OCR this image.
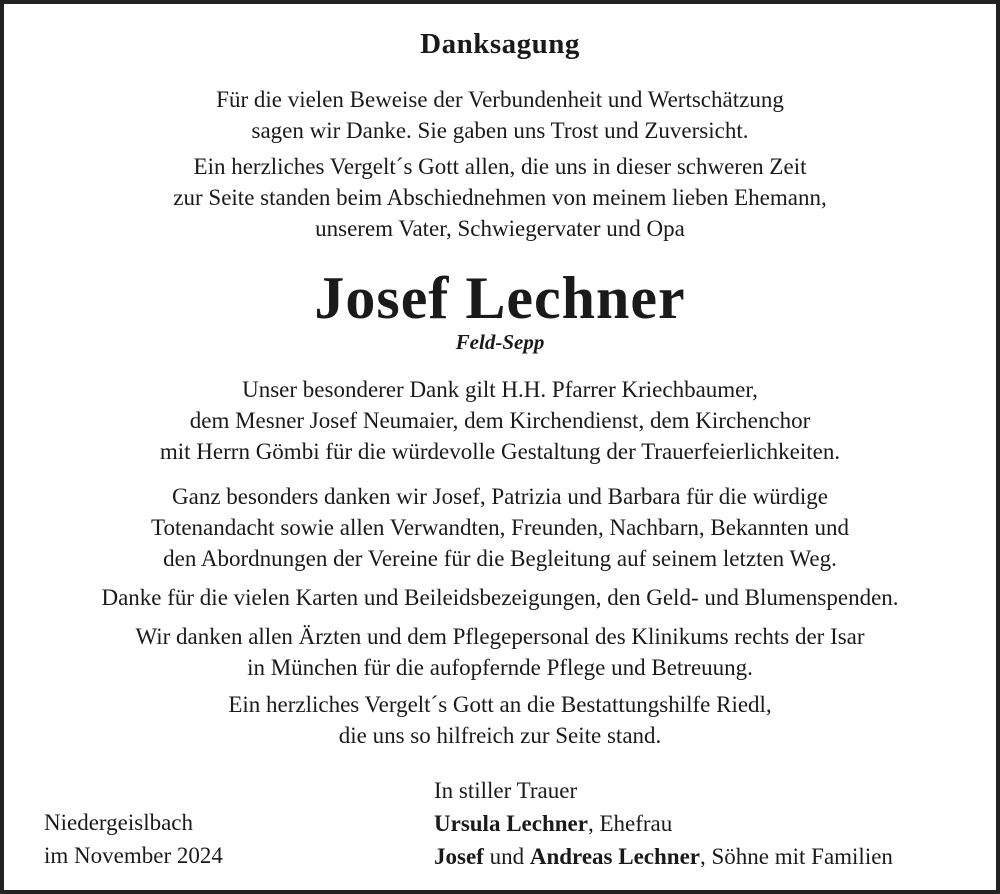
Danksagung
Für die vielen Beweise der Verbundenheit und Wertschätzung
sagen wir Danke. Sie gaben uns Trost und Zuversicht.
Ein herzliches Vergelt´s Gott allen, die uns in dieser schweren Zeit
zur Seite standen beim Abschiednehmen von meinem lieben Ehemann,
unserem Vater, Schwiegervater und Opa
Josef Lechner
Feld-Sepp
Unser besonderer Dank gilt H.H. Pfarrer Kriechbaumer,
dem Mesner Josef Neumaier, dem Kirchendienst, dem Kirchenchor
mit Herrn Gömbi für die würdevolle Gestaltung der Trauerfeierlichkeiten.
Ganz besonders danken wir Josef, Patrizia und Barbara für die würdige
Totenandacht sowie allen Verwandten, Freunden, Nachbarn, Bekannten und
den Abordnungen der Vereine für die Begleitung auf seinem letzten Weg.
Danke für die vielen Karten und Beileidsbezeigungen, den Geld- und Blumenspenden.
Wir danken allen Ärzten und dem Pflegepersonal des Klinikums rechts der Isar
in München für die aufopfernde Pflege und Betreuung.
Ein herzliches Vergelt´s Gott an die Bestattungshilfe Riedl,
die uns so hilfreich zur Seite stand.
Niedergeislbach
im November 2024
In stiller Trauer
Ursula Lechner, Ehefrau
Josef und Andreas Lechner, Söhne mit Familien
